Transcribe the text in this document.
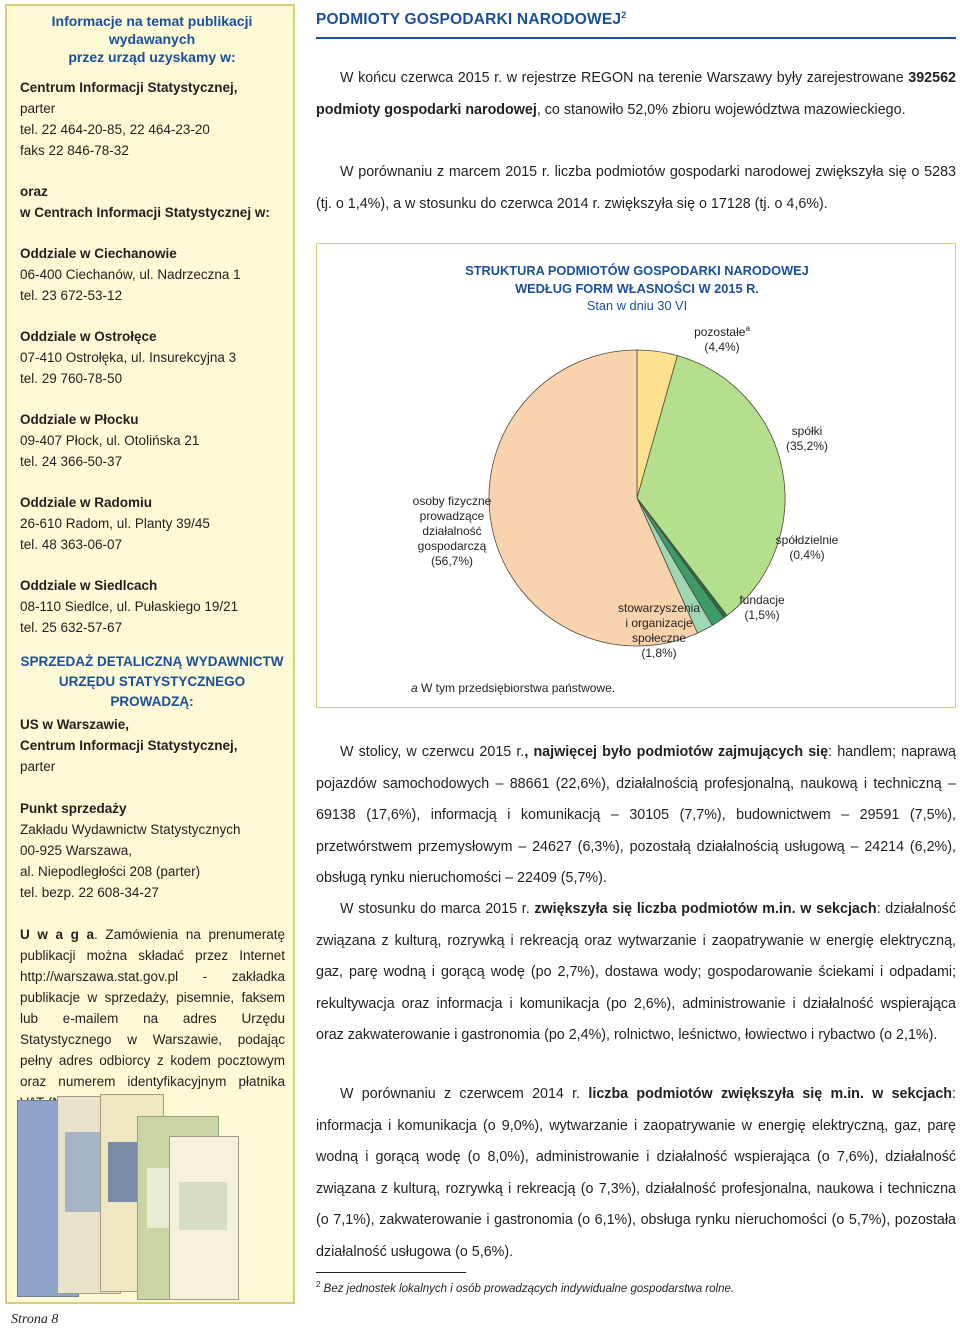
Informacje na temat publikacji
wydawanych
przez urząd uzyskamy w:
Centrum Informacji Statystycznej,
parter
tel. 22 464-20-85, 22 464-23-20
faks 22 846-78-32
oraz
w Centrach Informacji Statystycznej w:
Oddziale w Ciechanowie
06-400 Ciechanów, ul. Nadrzeczna 1
tel. 23 672-53-12
Oddziale w Ostrołęce
07-410 Ostrołęka, ul. Insurekcyjna 3
tel. 29 760-78-50
Oddziale w Płocku
09-407 Płock, ul. Otolińska 21
tel. 24 366-50-37
Oddziale w Radomiu
26-610 Radom, ul. Planty 39/45
tel. 48 363-06-07
Oddziale w Siedlcach
08-110 Siedlce, ul. Pułaskiego 19/21
tel. 25 632-57-67
SPRZEDAŻ DETALICZNĄ WYDAWNICTW
URZĘDU STATYSTYCZNEGO
PROWADZĄ:
US w Warszawie,
Centrum Informacji Statystycznej,
parter
Punkt sprzedaży
Zakładu Wydawnictw Statystycznych
00-925 Warszawa,
al. Niepodległości 208 (parter)
tel. bezp. 22 608-34-27
U w a g a. Zamówienia na prenumeratę publikacji można składać przez Internet http://warszawa.stat.gov.pl - zakładka publikacje w sprzedaży, pisemnie, faksem lub e-mailem na adres Urzędu Statystycznego w Warszawie, podając pełny adres odbiorcy z kodem pocztowym oraz numerem identyfikacyjnym płatnika
PODMIOTY GOSPODARKI NARODOWEJ$^2$
W końcu czerwca 2015 r. w rejestrze REGON na terenie Warszawy były zarejestrowane 392562 podmioty gospodarki narodowej, co stanowiło 52,0% zbioru województwa mazowieckiego.
W porównaniu z marcem 2015 r. liczba podmiotów gospodarki narodowej zwiększyła się o 5283 (tj. o 1,4%), a w stosunku do czerwca 2014 r. zwiększyła się o 17128 (tj. o 4,6%).
STRUKTURA PODMIOTÓW GOSPODARKI NARODOWEJ
WEDŁUG FORM WŁASNOŚCI W 2015 R.
Stan w dniu 30 VI
pozostałe$^a$
(4,4%)
spółki
(35,2%)
spółdzielnie
(0,4%)
fundacje
(1,5%)
stowarzyszenia
i organizacje
społeczne
(1,8%)
osoby fizyczne
prowadzące
działalność
gospodarczą
(56,7%)
a W tym przedsiębiorstwa państwowe.
W stolicy, w czerwcu 2015 r., najwięcej było podmiotów zajmujących się: handlem; naprawą pojazdów samochodowych – 88661 (22,6%), działalnością profesjonalną, naukową i techniczną – 69138 (17,6%), informacją i komunikacją – 30105 (7,7%), budownictwem – 29591 (7,5%), przetwórstwem przemysłowym – 24627 (6,3%), pozostałą działalnością usługową – 24214 (6,2%), obsługą rynku nieruchomości – 22409 (5,7%).
W stosunku do marca 2015 r. zwiększyła się liczba podmiotów m.in. w sekcjach: działalność związana z kulturą, rozrywką i rekreacją oraz wytwarzanie i zaopatrywanie w energię elektryczną, gaz, parę wodną i gorącą wodę (po 2,7%), dostawa wody; gospodarowanie ściekami i odpadami; rekultywacja oraz informacja i komunikacja (po 2,6%), administrowanie i działalność wspierająca oraz zakwaterowanie i gastronomia (po 2,4%), rolnictwo, leśnictwo, łowiectwo i rybactwo (o 2,1%).
W porównaniu z czerwcem 2014 r. liczba podmiotów zwiększyła się m.in. w sekcjach: informacja i komunikacja (o 9,0%), wytwarzanie i zaopatrywanie w energię elektryczną, gaz, parę wodną i gorącą wodę (o 8,0%), administrowanie i działalność wspierająca (o 7,6%), działalność związana z kulturą, rozrywką i rekreacją (o 7,3%), działalność profesjonalna, naukowa i techniczna (o 7,1%), zakwaterowanie i gastronomia (o 6,1%), obsługa rynku nieruchomości (o 5,7%), pozostała działalność usługowa (o 5,6%).
$^2$ Bez jednostek lokalnych i osób prowadzących indywidualne gospodarstwa rolne.
Strona 8
